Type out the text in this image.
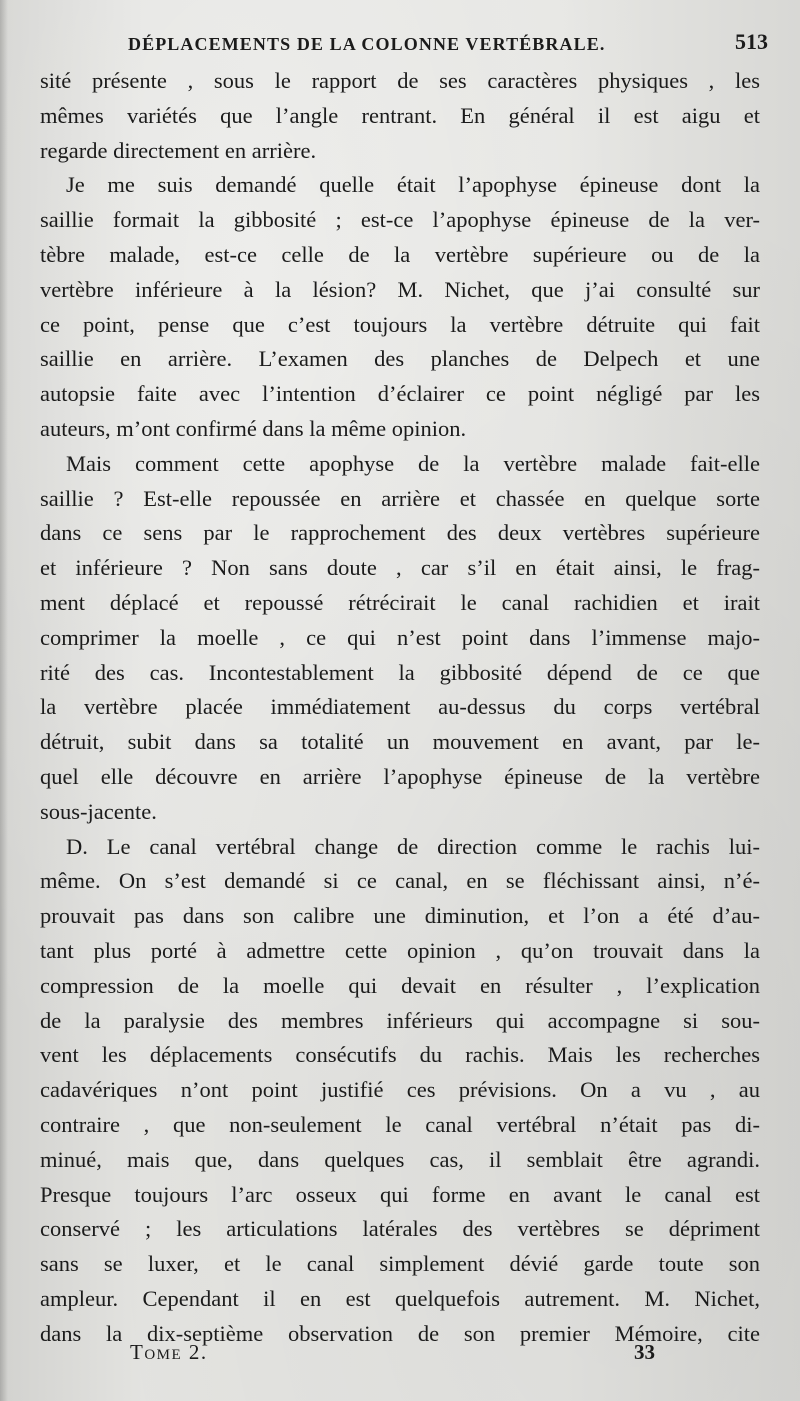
DÉPLACEMENTS DE LA COLONNE VERTÉBRALE.	513
sité présente , sous le rapport de ses caractères physiques , les
mêmes variétés que l’angle rentrant. En général il est aigu et
regarde directement en arrière.
Je me suis demandé quelle était l’apophyse épineuse dont la
saillie formait la gibbosité ; est-ce l’apophyse épineuse de la ver-
tèbre malade, est-ce celle de la vertèbre supérieure ou de la
vertèbre inférieure à la lésion? M. Nichet, que j’ai consulté sur
ce point, pense que c’est toujours la vertèbre détruite qui fait
saillie en arrière. L’examen des planches de Delpech et une
autopsie faite avec l’intention d’éclairer ce point négligé par les
auteurs, m’ont confirmé dans la même opinion.
Mais comment cette apophyse de la vertèbre malade fait-elle
saillie ? Est-elle repoussée en arrière et chassée en quelque sorte
dans ce sens par le rapprochement des deux vertèbres supérieure
et inférieure ? Non sans doute , car s’il en était ainsi, le frag-
ment déplacé et repoussé rétrécirait le canal rachidien et irait
comprimer la moelle , ce qui n’est point dans l’immense majo-
rité des cas. Incontestablement la gibbosité dépend de ce que
la vertèbre placée immédiatement au-dessus du corps vertébral
détruit, subit dans sa totalité un mouvement en avant, par le-
quel elle découvre en arrière l’apophyse épineuse de la vertèbre
sous-jacente.
D. Le canal vertébral change de direction comme le rachis lui-
même. On s’est demandé si ce canal, en se fléchissant ainsi, n’é-
prouvait pas dans son calibre une diminution, et l’on a été d’au-
tant plus porté à admettre cette opinion , qu’on trouvait dans la
compression de la moelle qui devait en résulter , l’explication
de la paralysie des membres inférieurs qui accompagne si sou-
vent les déplacements consécutifs du rachis. Mais les recherches
cadavériques n’ont point justifié ces prévisions. On a vu , au
contraire , que non-seulement le canal vertébral n’était pas di-
minué, mais que, dans quelques cas, il semblait être agrandi.
Presque toujours l’arc osseux qui forme en avant le canal est
conservé ; les articulations latérales des vertèbres se dépriment
sans se luxer, et le canal simplement dévié garde toute son
ampleur. Cependant il en est quelquefois autrement. M. Nichet,
dans la dix-septième observation de son premier Mémoire, cite
Tome 2.	33
